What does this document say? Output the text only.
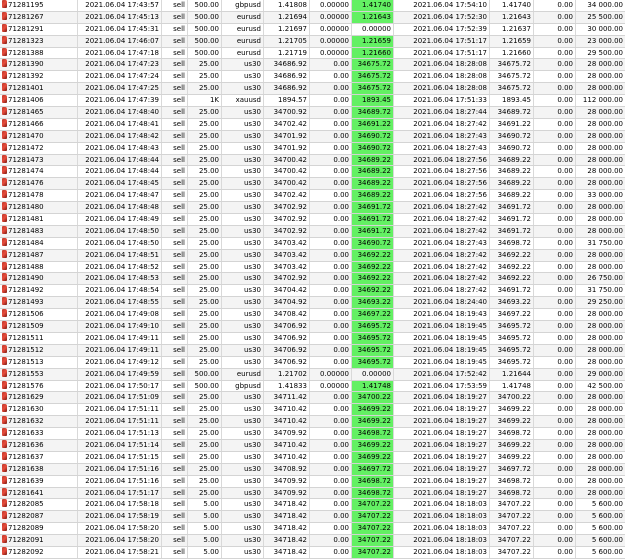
71281195	2021.06.04 17:43:57	sell	500.00	gbpusd	1.41808	0.00000	1.41740	2021.06.04 17:54:10	1.41740	0.00	34 000.00
71281267	2021.06.04 17:45:13	sell	500.00	eurusd	1.21694	0.00000	1.21643	2021.06.04 17:52:30	1.21643	0.00	25 500.00
71281291	2021.06.04 17:45:31	sell	500.00	eurusd	1.21697	0.00000	0.00000	2021.06.04 17:52:39	1.21637	0.00	30 000.00
71281323	2021.06.04 17:46:07	sell	500.00	eurusd	1.21705	0.00000	1.21659	2021.06.04 17:51:17	1.21659	0.00	23 000.00
71281388	2021.06.04 17:47:18	sell	500.00	eurusd	1.21719	0.00000	1.21660	2021.06.04 17:51:17	1.21660	0.00	29 500.00
71281390	2021.06.04 17:47:23	sell	25.00	us30	34686.92	0.00	34675.72	2021.06.04 18:28:08	34675.72	0.00	28 000.00
71281392	2021.06.04 17:47:24	sell	25.00	us30	34686.92	0.00	34675.72	2021.06.04 18:28:08	34675.72	0.00	28 000.00
71281401	2021.06.04 17:47:25	sell	25.00	us30	34686.92	0.00	34675.72	2021.06.04 18:28:08	34675.72	0.00	28 000.00
71281406	2021.06.04 17:47:39	sell	1K	xauusd	1894.57	0.00	1893.45	2021.06.04 17:51:33	1893.45	0.00	112 000.00
71281465	2021.06.04 17:48:40	sell	25.00	us30	34700.92	0.00	34689.72	2021.06.04 18:27:44	34689.72	0.00	28 000.00
71281466	2021.06.04 17:48:41	sell	25.00	us30	34702.42	0.00	34691.22	2021.06.04 18:27:42	34691.22	0.00	28 000.00
71281470	2021.06.04 17:48:42	sell	25.00	us30	34701.92	0.00	34690.72	2021.06.04 18:27:43	34690.72	0.00	28 000.00
71281472	2021.06.04 17:48:43	sell	25.00	us30	34701.92	0.00	34690.72	2021.06.04 18:27:43	34690.72	0.00	28 000.00
71281473	2021.06.04 17:48:44	sell	25.00	us30	34700.42	0.00	34689.22	2021.06.04 18:27:56	34689.22	0.00	28 000.00
71281474	2021.06.04 17:48:44	sell	25.00	us30	34700.42	0.00	34689.22	2021.06.04 18:27:56	34689.22	0.00	28 000.00
71281476	2021.06.04 17:48:45	sell	25.00	us30	34700.42	0.00	34689.22	2021.06.04 18:27:56	34689.22	0.00	28 000.00
71281478	2021.06.04 17:48:47	sell	25.00	us30	34702.42	0.00	34689.22	2021.06.04 18:27:56	34689.22	0.00	33 000.00
71281480	2021.06.04 17:48:48	sell	25.00	us30	34702.92	0.00	34691.72	2021.06.04 18:27:42	34691.72	0.00	28 000.00
71281481	2021.06.04 17:48:49	sell	25.00	us30	34702.92	0.00	34691.72	2021.06.04 18:27:42	34691.72	0.00	28 000.00
71281483	2021.06.04 17:48:50	sell	25.00	us30	34702.92	0.00	34691.72	2021.06.04 18:27:42	34691.72	0.00	28 000.00
71281484	2021.06.04 17:48:50	sell	25.00	us30	34703.42	0.00	34690.72	2021.06.04 18:27:43	34698.72	0.00	31 750.00
71281487	2021.06.04 17:48:51	sell	25.00	us30	34703.42	0.00	34692.22	2021.06.04 18:27:42	34692.22	0.00	28 000.00
71281488	2021.06.04 17:48:52	sell	25.00	us30	34703.42	0.00	34692.22	2021.06.04 18:27:42	34692.22	0.00	28 000.00
71281490	2021.06.04 17:48:53	sell	25.00	us30	34702.92	0.00	34692.22	2021.06.04 18:27:42	34692.22	0.00	26 750.00
71281492	2021.06.04 17:48:54	sell	25.00	us30	34704.42	0.00	34692.22	2021.06.04 18:27:42	34691.72	0.00	31 750.00
71281493	2021.06.04 17:48:55	sell	25.00	us30	34704.92	0.00	34693.22	2021.06.04 18:24:40	34693.22	0.00	29 250.00
71281506	2021.06.04 17:49:08	sell	25.00	us30	34708.42	0.00	34697.22	2021.06.04 18:19:43	34697.22	0.00	28 000.00
71281509	2021.06.04 17:49:10	sell	25.00	us30	34706.92	0.00	34695.72	2021.06.04 18:19:45	34695.72	0.00	28 000.00
71281511	2021.06.04 17:49:11	sell	25.00	us30	34706.92	0.00	34695.72	2021.06.04 18:19:45	34695.72	0.00	28 000.00
71281512	2021.06.04 17:49:11	sell	25.00	us30	34706.92	0.00	34695.72	2021.06.04 18:19:45	34695.72	0.00	28 000.00
71281513	2021.06.04 17:49:12	sell	25.00	us30	34706.92	0.00	34695.72	2021.06.04 18:19:45	34695.72	0.00	28 000.00
71281553	2021.06.04 17:49:59	sell	500.00	eurusd	1.21702	0.00000	0.00000	2021.06.04 17:52:42	1.21644	0.00	29 000.00
71281576	2021.06.04 17:50:17	sell	500.00	gbpusd	1.41833	0.00000	1.41748	2021.06.04 17:53:59	1.41748	0.00	42 500.00
71281629	2021.06.04 17:51:09	sell	25.00	us30	34711.42	0.00	34700.22	2021.06.04 18:19:27	34700.22	0.00	28 000.00
71281630	2021.06.04 17:51:11	sell	25.00	us30	34710.42	0.00	34699.22	2021.06.04 18:19:27	34699.22	0.00	28 000.00
71281632	2021.06.04 17:51:11	sell	25.00	us30	34710.42	0.00	34699.22	2021.06.04 18:19:27	34699.22	0.00	28 000.00
71281633	2021.06.04 17:51:13	sell	25.00	us30	34709.92	0.00	34698.72	2021.06.04 18:19:27	34698.72	0.00	28 000.00
71281636	2021.06.04 17:51:14	sell	25.00	us30	34710.42	0.00	34699.22	2021.06.04 18:19:27	34699.22	0.00	28 000.00
71281637	2021.06.04 17:51:15	sell	25.00	us30	34710.42	0.00	34699.22	2021.06.04 18:19:27	34699.22	0.00	28 000.00
71281638	2021.06.04 17:51:16	sell	25.00	us30	34708.92	0.00	34697.72	2021.06.04 18:19:27	34697.72	0.00	28 000.00
71281639	2021.06.04 17:51:16	sell	25.00	us30	34709.92	0.00	34698.72	2021.06.04 18:19:27	34698.72	0.00	28 000.00
71281641	2021.06.04 17:51:17	sell	25.00	us30	34709.92	0.00	34698.72	2021.06.04 18:19:27	34698.72	0.00	28 000.00
71282085	2021.06.04 17:58:18	sell	5.00	us30	34718.42	0.00	34707.22	2021.06.04 18:18:03	34707.22	0.00	5 600.00
71282087	2021.06.04 17:58:19	sell	5.00	us30	34718.42	0.00	34707.22	2021.06.04 18:18:03	34707.22	0.00	5 600.00
71282089	2021.06.04 17:58:20	sell	5.00	us30	34718.42	0.00	34707.22	2021.06.04 18:18:03	34707.22	0.00	5 600.00
71282091	2021.06.04 17:58:20	sell	5.00	us30	34718.42	0.00	34707.22	2021.06.04 18:18:03	34707.22	0.00	5 600.00
71282092	2021.06.04 17:58:21	sell	5.00	us30	34718.42	0.00	34707.22	2021.06.04 18:18:03	34707.22	0.00	5 600.00
